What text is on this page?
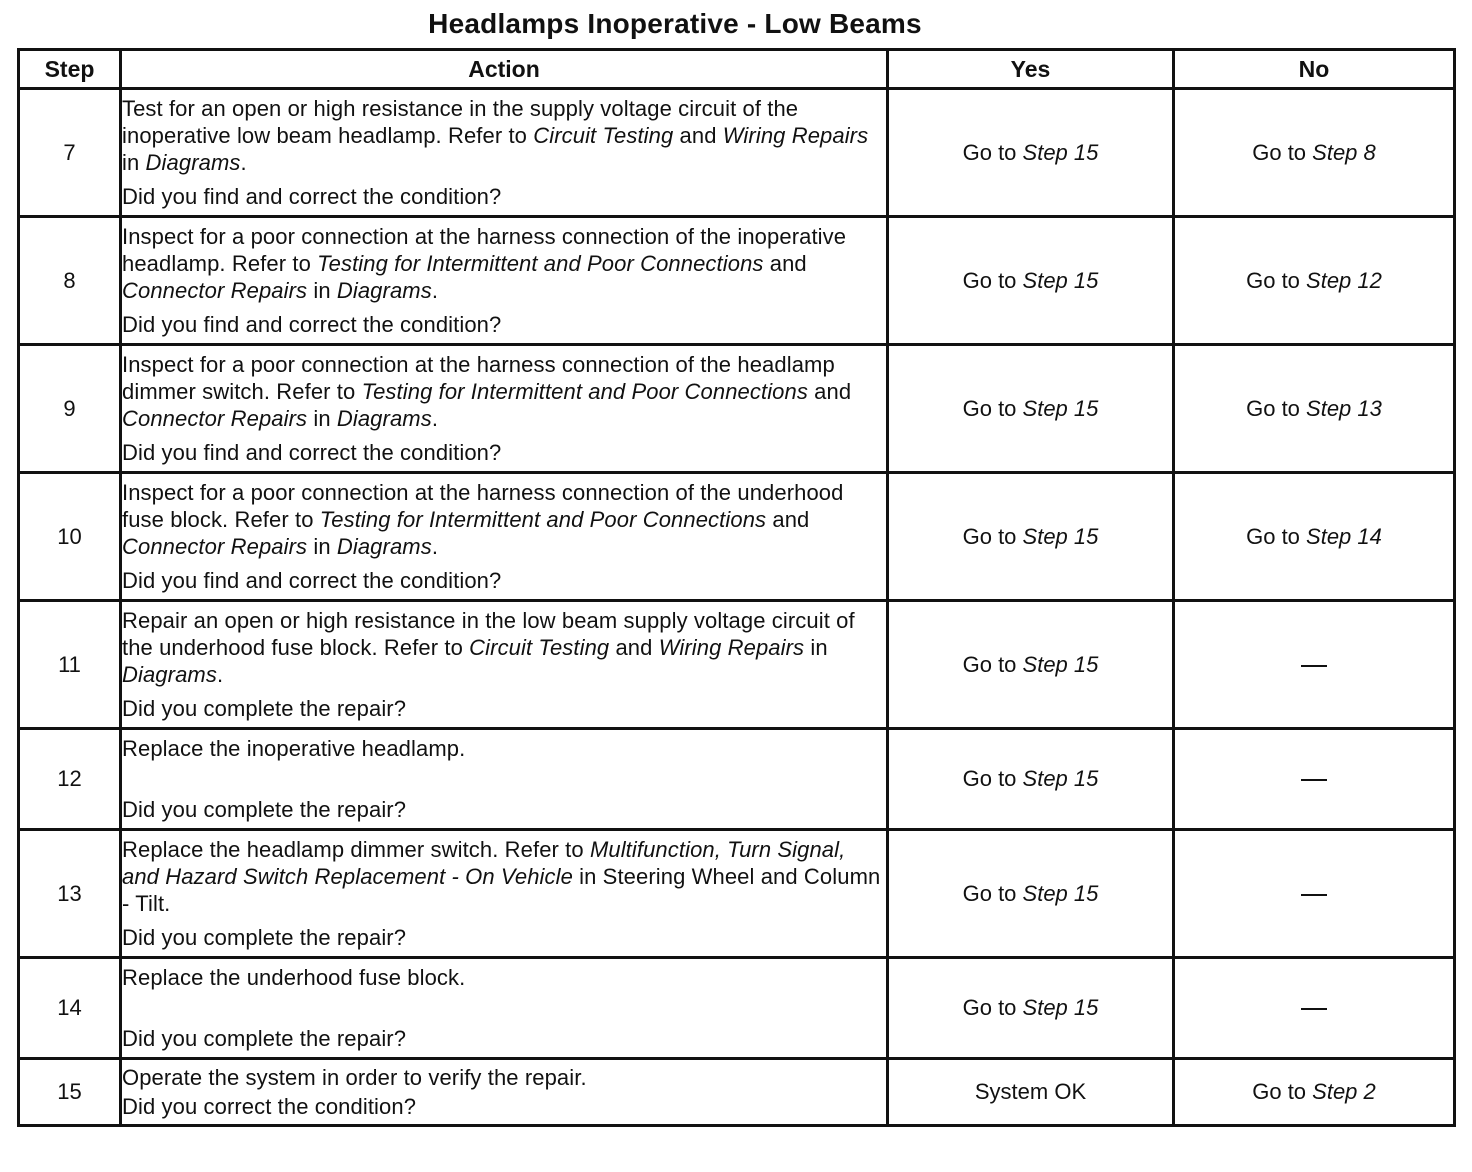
Headlamps Inoperative - Low Beams
Step	Action	Yes	No
7	Test for an open or high resistance in the supply voltage circuit of the inoperative low beam headlamp. Refer to Circuit Testing and Wiring Repairs in Diagrams.
Did you find and correct the condition?	Go to Step 15	Go to Step 8
8	Inspect for a poor connection at the harness connection of the inoperative headlamp. Refer to Testing for Intermittent and Poor Connections and Connector Repairs in Diagrams.
Did you find and correct the condition?	Go to Step 15	Go to Step 12
9	Inspect for a poor connection at the harness connection of the headlamp dimmer switch. Refer to Testing for Intermittent and Poor Connections and Connector Repairs in Diagrams.
Did you find and correct the condition?	Go to Step 15	Go to Step 13
10	Inspect for a poor connection at the harness connection of the underhood fuse block. Refer to Testing for Intermittent and Poor Connections and Connector Repairs in Diagrams.
Did you find and correct the condition?	Go to Step 15	Go to Step 14
11	Repair an open or high resistance in the low beam supply voltage circuit of the underhood fuse block. Refer to Circuit Testing and Wiring Repairs in Diagrams.
Did you complete the repair?	Go to Step 15	
12	Replace the inoperative headlamp.
Did you complete the repair?	Go to Step 15	
13	Replace the headlamp dimmer switch. Refer to Multifunction, Turn Signal, and Hazard Switch Replacement - On Vehicle in Steering Wheel and Column - Tilt.
Did you complete the repair?	Go to Step 15	
14	Replace the underhood fuse block.
Did you complete the repair?	Go to Step 15	
15	Operate the system in order to verify the repair.
Did you correct the condition?	System OK	Go to Step 2
